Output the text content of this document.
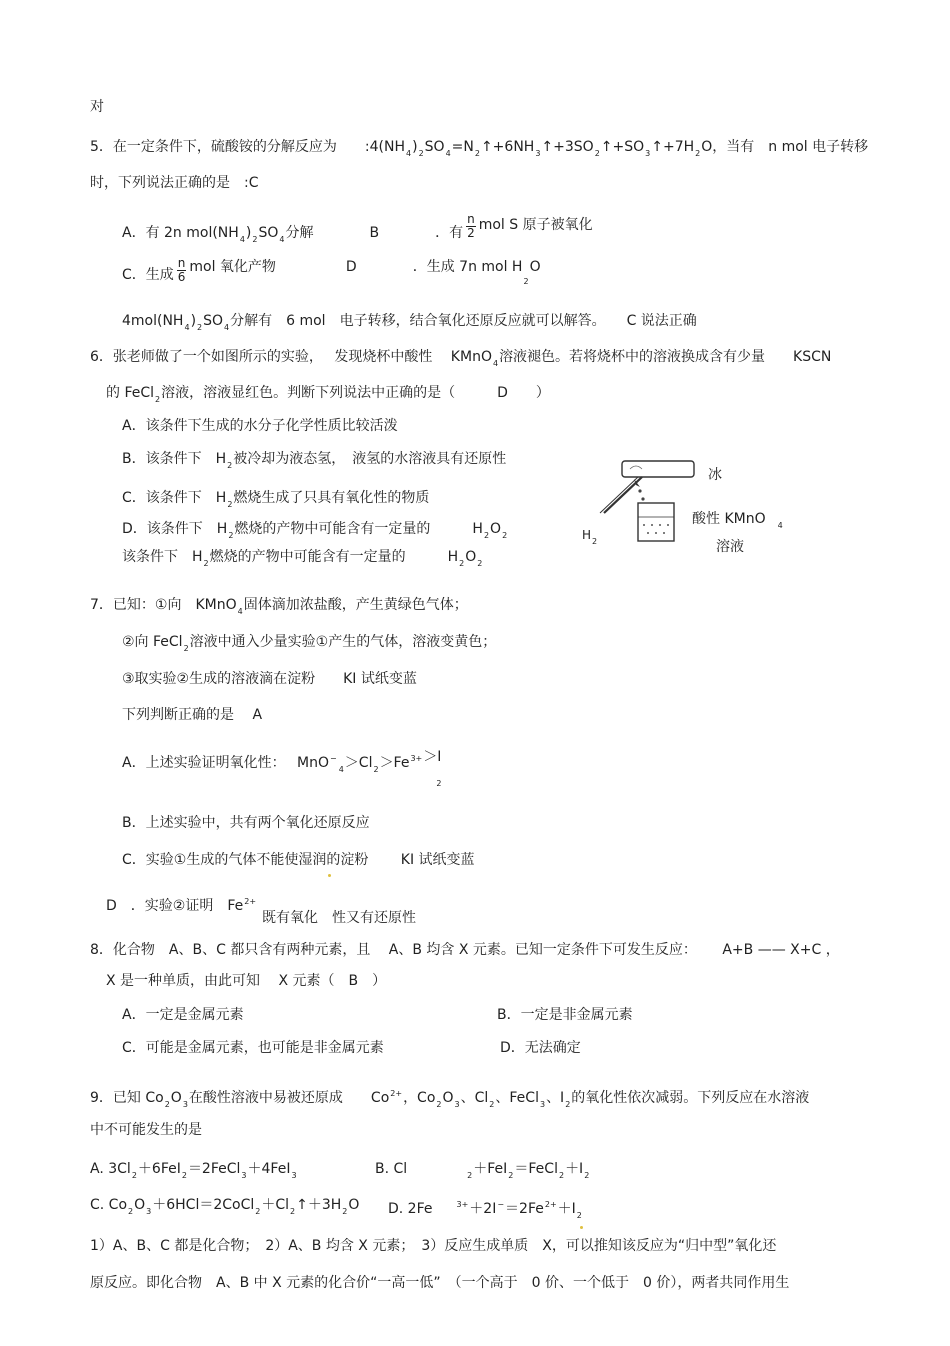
对
5．在一定条件下，硫酸铵的分解反应为　　$:4(NH_4)_2SO_4=N_2↑+6NH_3↑+3SO_2↑+SO_3↑+7H_2O$，当有　n mol 电子转移
时，下列说法正确的是　:C
A．有 2n $mol(NH_4)_2SO_4$分解　　　　B　　　　．有 $\frac{n}{2}$ mol S 原子被氧化
C．生成 $\frac{n}{6}$ mol 氧化产物　　　　　D　　　　．生成 7n mol $H_2O$
$4mol(NH_4)_2SO_4$分解有　6 mol　电子转移，结合氧化还原反应就可以解答。　　C 说法正确
6．张老师做了一个如图所示的实验，　 发现烧杯中酸性　 KMnO$_4$溶液褪色。若将烧杯中的溶液换成含有少量　　KSCN
的 FeCl$_2$溶液，溶液显红色。判断下列说法中正确的是（　　　D　　）
A．该条件下生成的水分子化学性质比较活泼
B．该条件下　$H_2$被冷却为液态氢，　液氢的水溶液具有还原性
C．该条件下　$H_2$燃烧生成了只具有氧化性的物质
D．该条件下　$H_2$燃烧的产物中可能含有一定量的　　　$H_2O_2$
该条件下　$H_2$燃烧的产物中可能含有一定量的　　　$H_2O_2$
冰
酸性 KMnO $_4$
溶液
$H_2$
7．已知：①向　KMnO$_4$固体滴加浓盐酸，产生黄绿色气体；
②向 FeCl$_2$溶液中通入少量实验①产生的气体，溶液变黄色；
③取实验②生成的溶液滴在淀粉　　KI 试纸变蓝
下列判断正确的是　 A
A．上述实验证明氧化性：　 $MnO^-_4>Cl_2>Fe^{3+}>I_2$
B．上述实验中，共有两个氧化还原反应
C．实验①生成的气体不能使湿润的淀粉　　 KI 试纸变蓝
D　．实验②证明　$Fe^{2+}$
既有氧化　性又有还原性
8．化合物　A、B、C 都只含有两种元素，且　 A、B 均含 X 元素。已知一定条件下可发生反应：　　 A+B —— X+C ，
X 是一种单质，由此可知　 X 元素（　B　）
A．一定是金属元素	B．一定是非金属元素
C．可能是金属元素，也可能是非金属元素	D．无法确定
9．已知 $Co_2O_3$在酸性溶液中易被还原成　　$Co^{2+}$，$Co_2O_3$、$Cl_2$、FeCl$_3$、$I_2$的氧化性依次减弱。下列反应在水溶液
中不可能发生的是
A. $3Cl_2+6FeI_2=2FeCl_3+4FeI_3$	B. Cl	$_2+FeI_2=FeCl_2+I_2$
C. $Co_2O_3+6HCl=2CoCl_2+Cl_2↑+3H_2O$ D. 2Fe	$^{3+}+2I^-=2Fe^{2+}+I_2$
1）A、B、C 都是化合物；　2）A、B 均含 X 元素；　3）反应生成单质　X，可以推知该反应为“归中型”氧化还
原反应。即化合物　A、B 中 X 元素的化合价“一高一低”　（一个高于　0 价、一个低于　0 价），两者共同作用生
